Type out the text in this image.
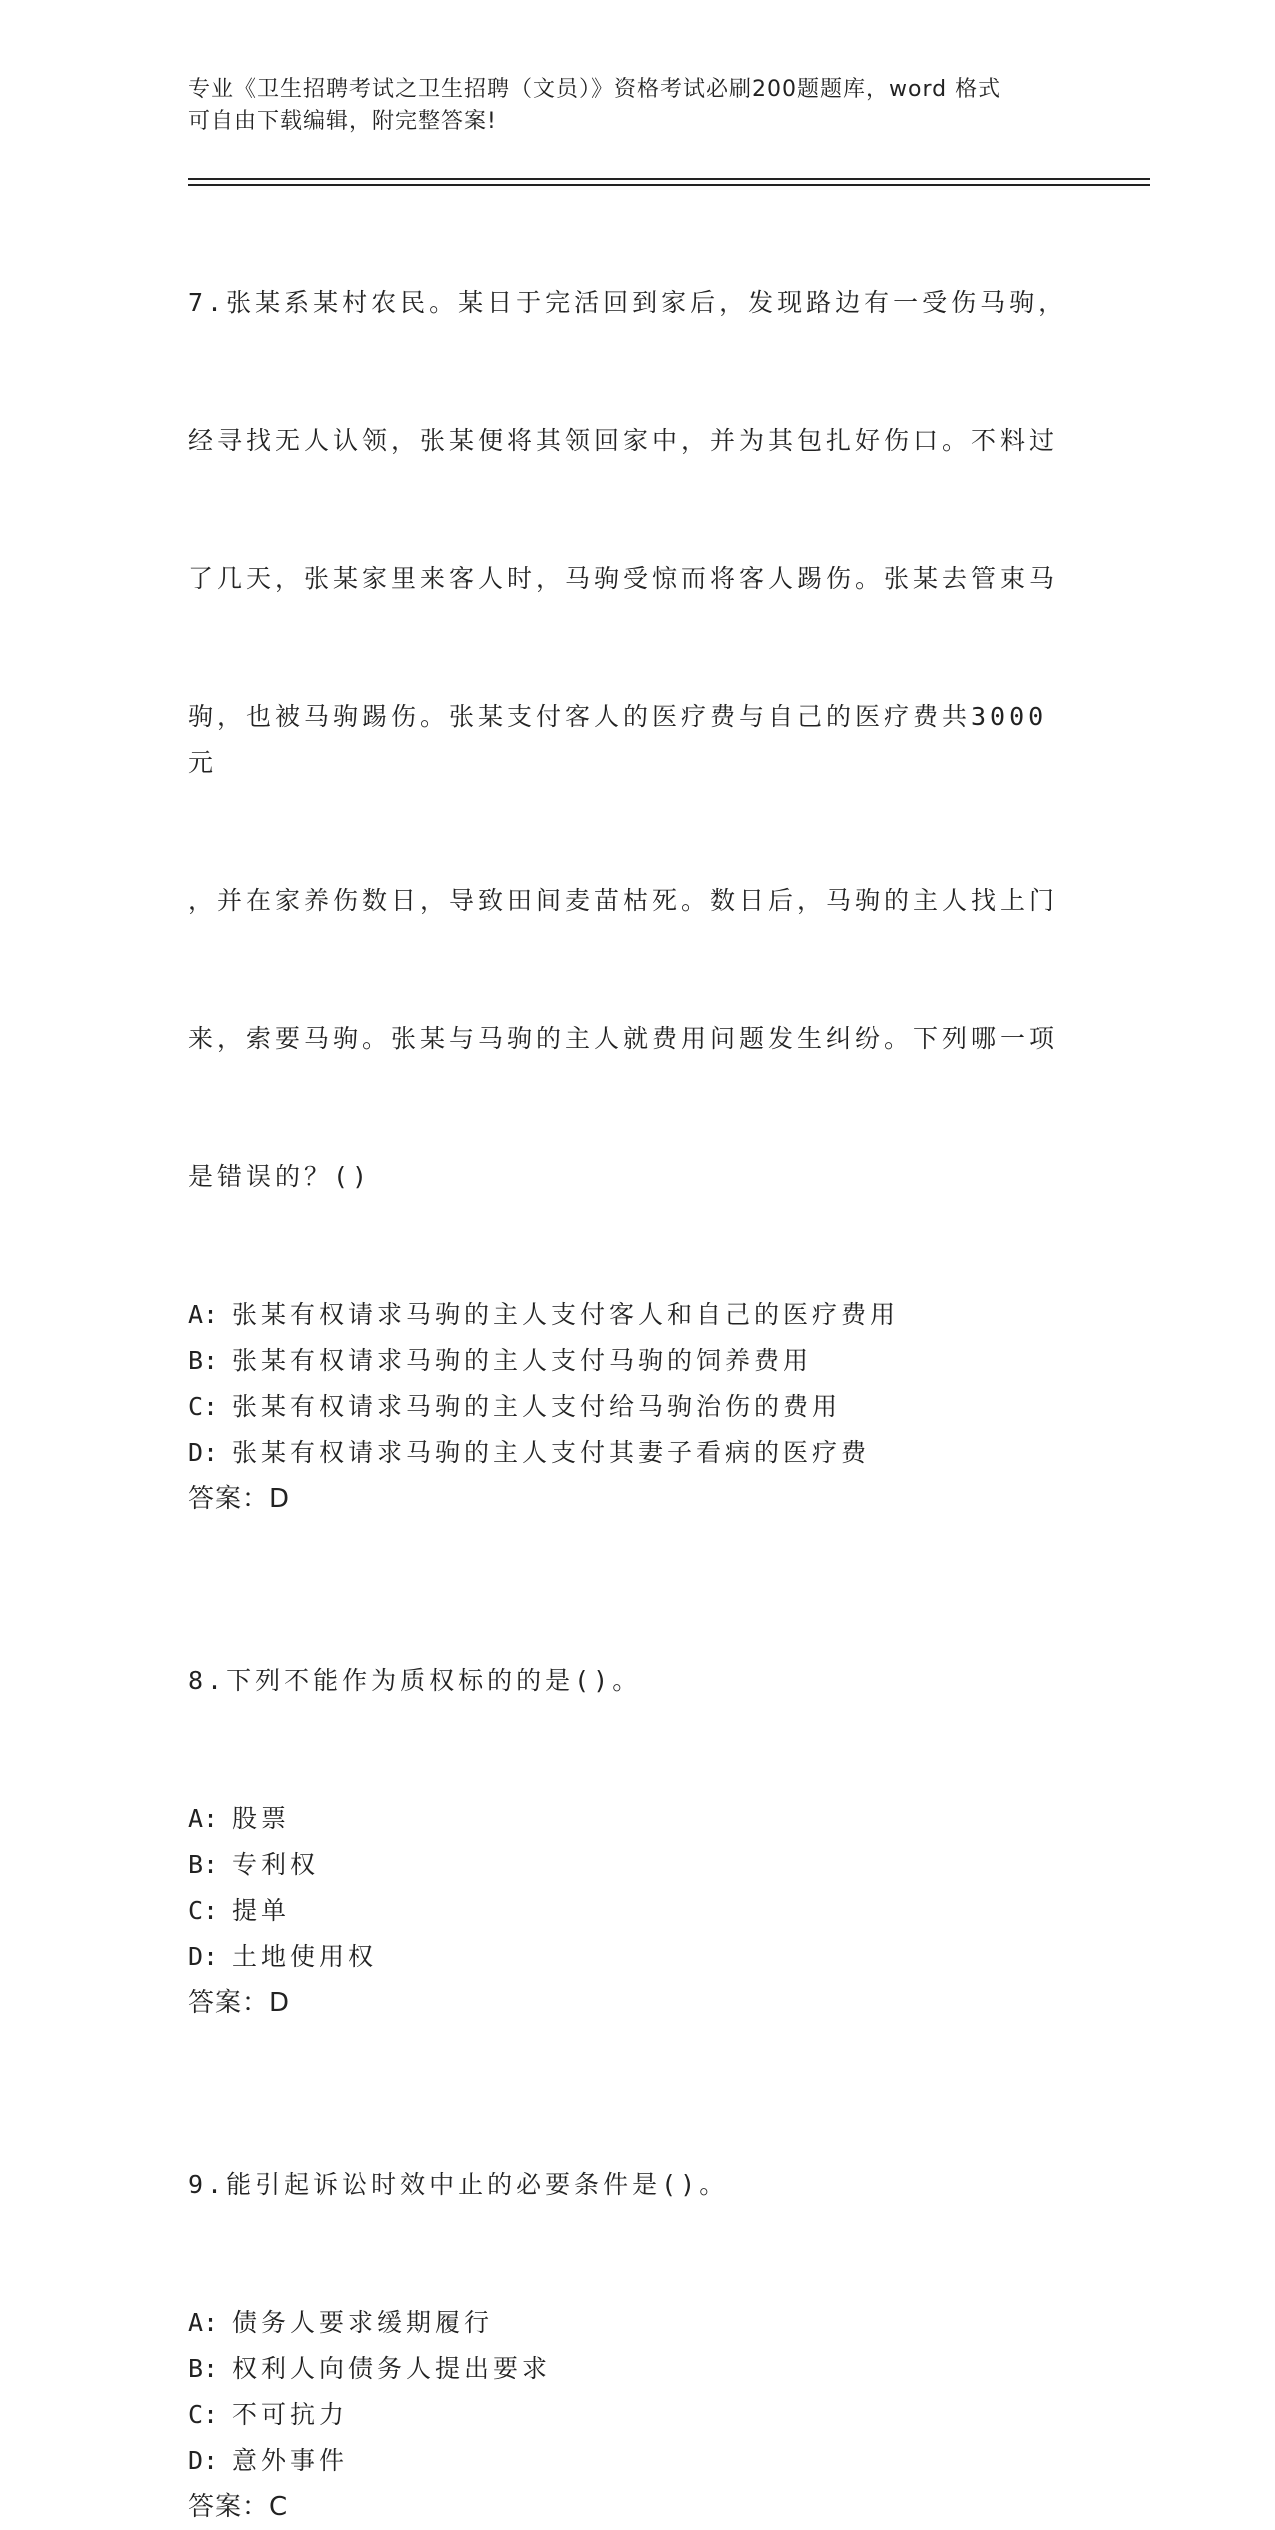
专业《卫生招聘考试之卫生招聘（文员）》资格考试必刷200题题库，word 格式
可自由下载编辑，附完整答案!

7.张某系某村农民。某日于完活回到家后，发现路边有一受伤马驹，

经寻找无人认领，张某便将其领回家中，并为其包扎好伤口。不料过

了几天，张某家里来客人时，马驹受惊而将客人踢伤。张某去管束马

驹，也被马驹踢伤。张某支付客人的医疗费与自己的医疗费共3000元

，并在家养伤数日，导致田间麦苗枯死。数日后，马驹的主人找上门

来，索要马驹。张某与马驹的主人就费用问题发生纠纷。下列哪一项

是错误的？()

A: 张某有权请求马驹的主人支付客人和自己的医疗费用
B: 张某有权请求马驹的主人支付马驹的饲养费用
C: 张某有权请求马驹的主人支付给马驹治伤的费用
D: 张某有权请求马驹的主人支付其妻子看病的医疗费

答案：D

8.下列不能作为质权标的的是()。

A: 股票
B: 专利权
C: 提单
D: 土地使用权

答案：D

9.能引起诉讼时效中止的必要条件是()。

A: 债务人要求缓期履行
B: 权利人向债务人提出要求
C: 不可抗力
D: 意外事件

答案：C
